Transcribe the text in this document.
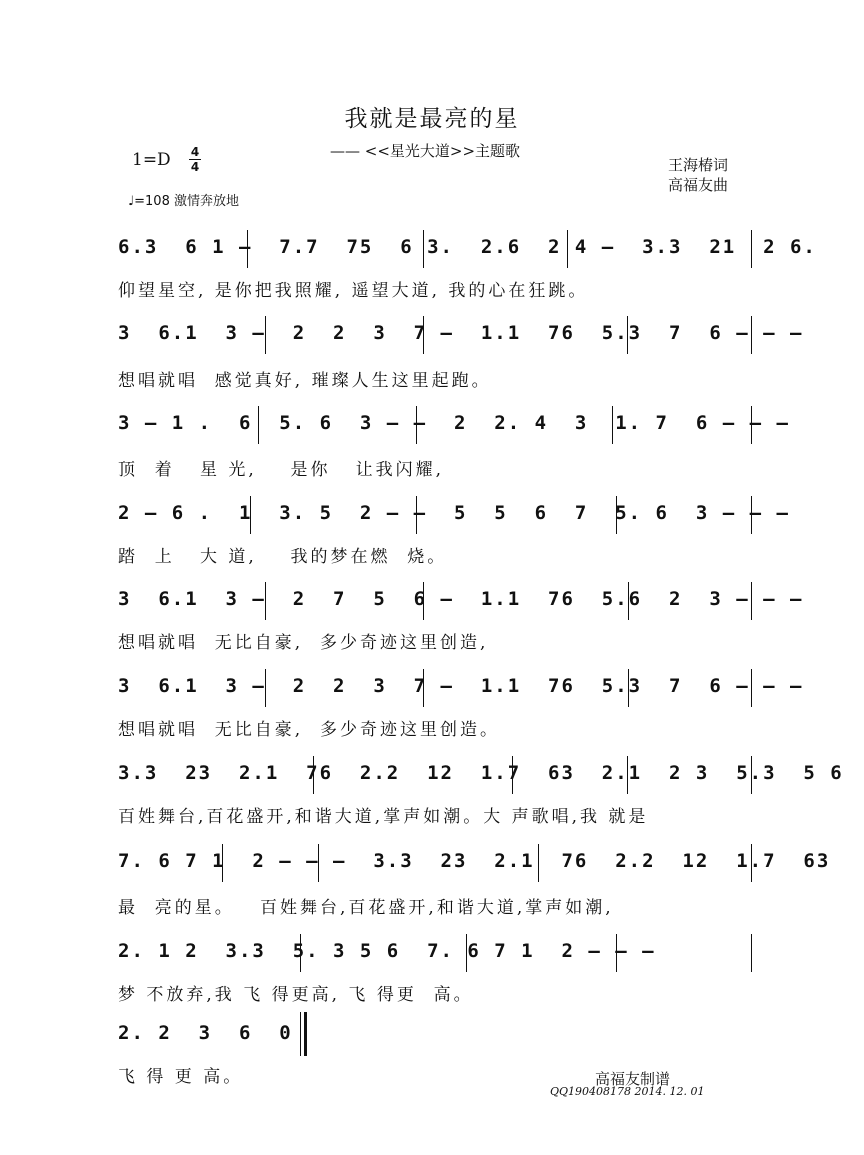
我就是最亮的星
—— <<星光大道>>主题歌
1=D 4
4
♩=108 激情奔放地
王海椿词
高福友曲
6.3  6 1 –  7.7  75  6 3.  2.6  2 4 –  3.3  21  2 6.
仰望星空, 是你把我照耀, 遥望大道, 我的心在狂跳。
3  6.1  3 –  2  2  3  7 –  1.1  76  5.3  7  6 – – –
想唱就唱  感觉真好, 璀璨人生这里起跑。
3 – 1 .  6  5. 6  3 – –  2  2. 4  3  1. 7  6 – – –
顶  着   星 光,    是你   让我闪耀,
2 – 6 .  1  3. 5  2 – –  5  5  6  7  5. 6  3 – – –
踏  上   大 道,    我的梦在燃  烧。
3  6.1  3 –  2  7  5  6 –  1.1  76  5.6  2  3 – – –
想唱就唱  无比自豪,  多少奇迹这里创造,
3  6.1  3 –  2  2  3  7 –  1.1  76  5.3  7  6 – – –
想唱就唱  无比自豪,  多少奇迹这里创造。
3.3  23  2.1  76  2.2  12  1.7  63  2.1  2 3  5.3  5 6
百姓舞台,百花盛开,和谐大道,掌声如潮。大 声歌唱,我 就是
7. 6 7 1  2 – – –  3.3  23  2.1  76  2.2  12  1.7  63
最  亮的星。   百姓舞台,百花盛开,和谐大道,掌声如潮,
2. 1 2  3.3  5. 3 5 6  7. 6 7 1  2 – – –
梦 不放弃,我 飞 得更高, 飞 得更  高。
2. 2  3  6  0
飞 得 更 高。	高福友制谱
QQ190408178 2014. 12. 01
